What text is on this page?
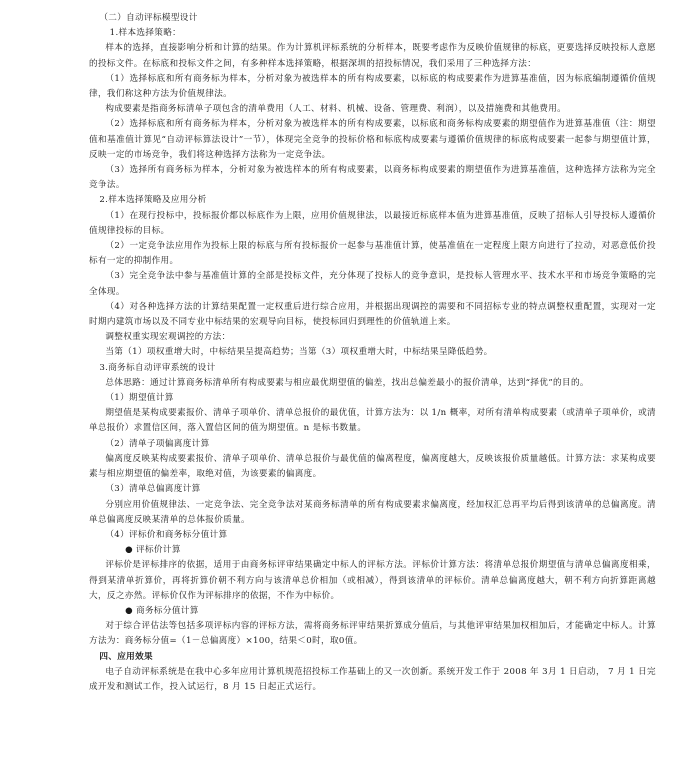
（二）自动评标模型设计

1.样本选择策略：

样本的选择，直接影响分析和计算的结果。作为计算机评标系统的分析样本，既要考虑作为反映价值规律的标底，更要选择反映投标人意愿的投标文件。在标底和投标文件之间，有多种样本选择策略，根据深圳的招投标情况，我们采用了三种选择方法：

（1）选择标底和所有商务标为样本，分析对象为被选样本的所有构成要素，以标底的构成要素作为进算基准值，因为标底编制遵循价值规律，我们称这种方法为价值规律法。

构成要素是指商务标清单子项包含的清单费用（人工、材料、机械、设备、管理费、利润），以及措施费和其他费用。

（2）选择标底和所有商务标为样本，分析对象为被选样本的所有构成要素，以标底和商务标构成要素的期望值作为进算基准值（注：期望值和基准值计算见“自动评标算法设计”一节），体现完全竞争的投标价格和标底构成要素与遵循价值规律的标底构成要素一起参与期望值计算，反映一定的市场竞争，我们将这种选择方法称为一定竞争法。

（3）选择所有商务标为样本，分析对象为被选样本的所有构成要素，以商务标构成要素的期望值作为进算基准值，这种选择方法称为完全竞争法。

2.样本选择策略及应用分析

（1）在现行投标中，投标报价都以标底作为上限，应用价值规律法，以最接近标底样本值为进算基准值，反映了招标人引导投标人遵循价值规律投标的目标。

（2）一定竞争法应用作为投标上限的标底与所有投标报价一起参与基准值计算，使基准值在一定程度上限方向进行了拉动，对恶意低价投标有一定的抑制作用。

（3）完全竞争法中参与基准值计算的全部是投标文件，充分体现了投标人的竞争意识，是投标人管理水平、技术水平和市场竞争策略的完全体现。

（4）对各种选择方法的计算结果配置一定权重后进行综合应用，并根据出现调控的需要和不同招标专业的特点调整权重配置，实现对一定时期内建筑市场以及不同专业中标结果的宏观导向目标，使投标回归到理性的价值轨道上来。

调整权重实现宏观调控的方法：

当第（1）项权重增大时，中标结果呈提高趋势；当第（3）项权重增大时，中标结果呈降低趋势。

3.商务标自动评审系统的设计

总体思路：通过计算商务标清单所有构成要素与相应最优期望值的偏差，找出总偏差最小的报价清单，达到“择优”的目的。

（1）期望值计算

期望值是某构成要素报价、清单子项单价、清单总报价的最优值，计算方法为：以 1/n 概率，对所有清单构成要素（或清单子项单价，或清单总报价）求置信区间，落入置信区间的值为期望值。n 是标书数量。

（2）清单子项偏离度计算

偏离度反映某构成要素报价、清单子项单价、清单总报价与最优值的偏离程度，偏离度越大，反映该报价质量越低。计算方法：求某构成要素与相应期望值的偏差率，取绝对值，为该要素的偏离度。

（3）清单总偏离度计算

分别应用价值规律法、一定竞争法、完全竞争法对某商务标清单的所有构成要素求偏离度，经加权汇总再平均后得到该清单的总偏离度。清单总偏离度反映某清单的总体报价质量。

（4）评标价和商务标分值计算

● 评标价计算

评标价是评标排序的依据，适用于由商务标评审结果确定中标人的评标方法。评标价计算方法：将清单总报价期望值与清单总偏离度相乘，得到某清单折算价，再将折算价朝不利方向与该清单总价相加（或相减），得到该清单的评标价。清单总偏离度越大，朝不利方向折算距离越大，反之亦然。评标价仅作为评标排序的依据，不作为中标价。

● 商务标分值计算

对于综合评估法等包括多项评标内容的评标方法，需将商务标评审结果折算成分值后，与其他评审结果加权相加后，才能确定中标人。计算方法为：商务标分值=（1－总偏离度）×100，结果＜0时，取0值。

四、应用效果

电子自动评标系统是在我中心多年应用计算机规范招投标工作基础上的又一次创新。系统开发工作于 2008 年 3月 1 日启动， 7 月 1 日完成开发和测试工作，投入试运行，8 月 15 日起正式运行。
